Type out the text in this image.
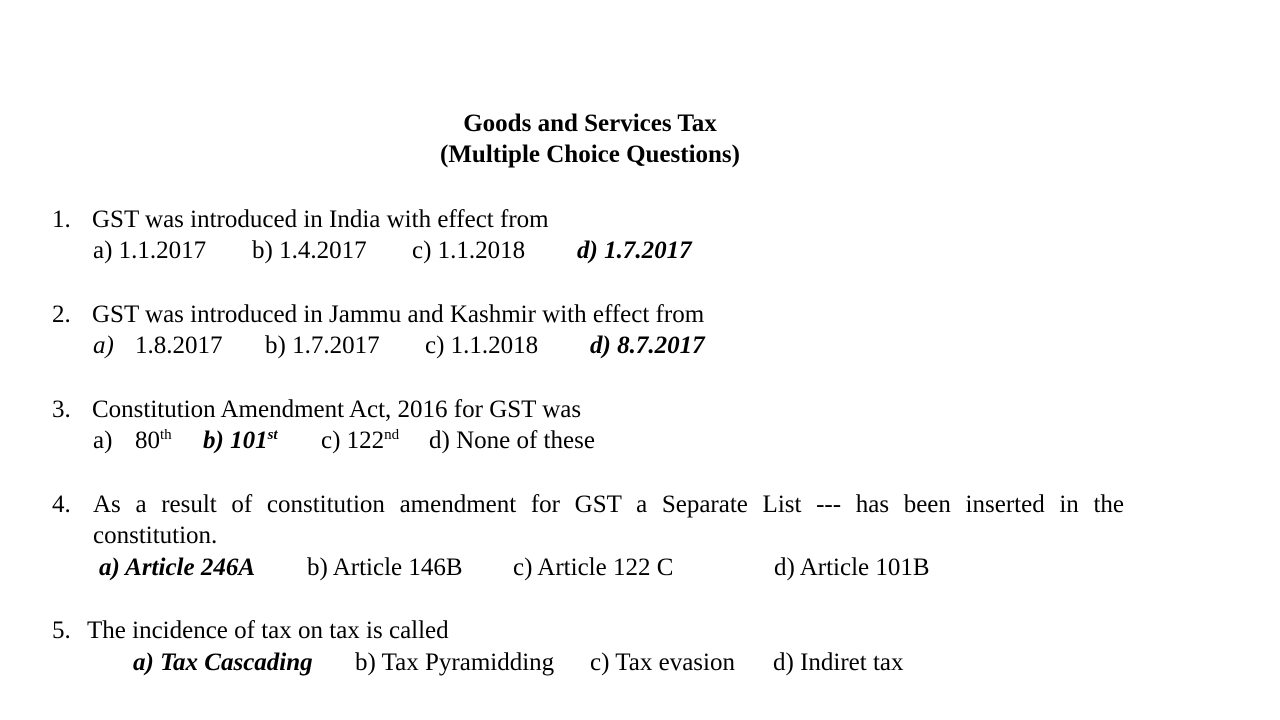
Goods and Services Tax
(Multiple Choice Questions)
1. GST was introduced in India with effect from
a) 1.1.2017 b) 1.4.2017 c) 1.1.2018 d) 1.7.2017
2. GST was introduced in Jammu and Kashmir with effect from
a) 1.8.2017 b) 1.7.2017 c) 1.1.2018 d) 8.7.2017
3. Constitution Amendment Act, 2016 for GST was
a) 80th b) 101st c) 122nd d) None of these
4. As a result of constitution amendment for GST a Separate List --- has been inserted in the
constitution.
a) Article 246A b) Article 146B c) Article 122 C	d) Article 101B
5. The incidence of tax on tax is called
a) Tax Cascading b) Tax Pyramidding c) Tax evasion d) Indiret tax
